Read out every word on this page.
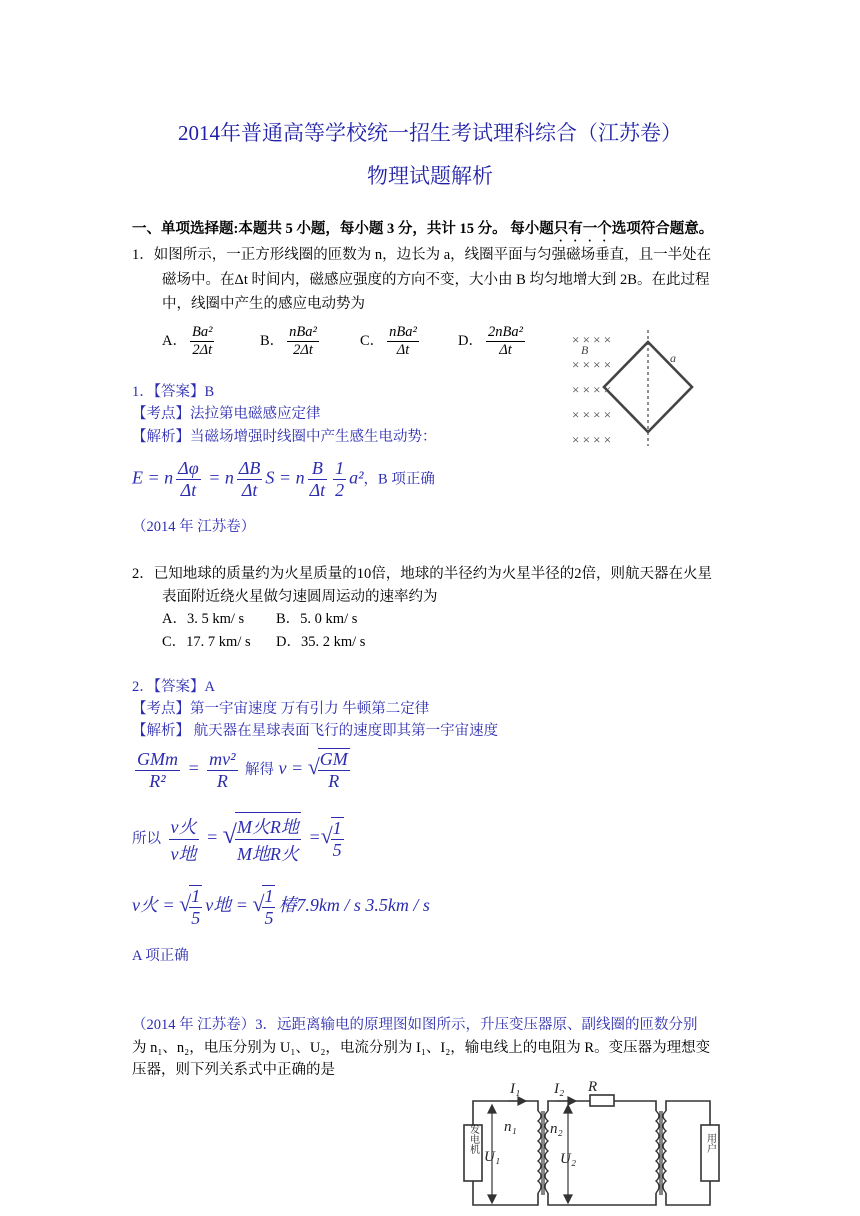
2014年普通高等学校统一招生考试理科综合（江苏卷）
物理试题解析
一、单项选择题:本题共 5 小题，每小题 3 分，共计 15 分。 每小题只有一个选项符合题意。
1．如图所示，一正方形线圈的匝数为 n，边长为 a，线圈平面与匀强磁场垂直，且一半处在
磁场中。在Δt 时间内，磁感应强度的方向不变，大小由 B 均匀地增大到 2B。在此过程
中，线圈中产生的感应电动势为
A． $\frac{\text{Ba²}}{2\Delta t}$	B． $\frac{\text{nBa²}}{2\Delta t}$	C． $\frac{\text{nBa²}}{\Delta t}$	D． $\frac{\text{2nBa²}}{\Delta t}$	× × × ×
× × × ×
× × × ×
× × × ×
× × × ×
B
a
1．【答案】B
【考点】法拉第电磁感应定律
【解析】当磁场增强时线圈中产生感生电动势：
E = n $\frac{\Delta\varphi}{\Delta t} = n \frac{\Delta B}{\Delta t}$ S = n $\frac{B}{\Delta t} \frac{1}{2} a^2$，B 项正确
（2014 年 江苏卷）
2．已知地球的质量约为火星质量的10倍，地球的半径约为火星半径的2倍，则航天器在火星
表面附近绕火星做匀速圆周运动的速率约为
A．3. 5 km/ s B．5. 0 km/ s
C．17. 7 km/ s D．35. 2 km/ s
2．【答案】A
【考点】第一宇宙速度 万有引力 牛顿第二定律
【解析】 航天器在星球表面飞行的速度即其第一宇宙速度
$\frac{\text{GMm}}{\text{R²}} = \frac{\text{mv²}}{R}$ 解得 v = √
$\frac{GM}{R}$
所以 $\frac{\text{v火}}{\text{v地}}$ = √
$\frac{\text{M火R地}}{\text{M地R火}}$ =√
$\frac{1}{5}$
v火 = √
$\frac{1}{5}$ v地 = √
$\frac{1}{5}$ 椿7.9km / s 3.5km / s
A 项正确
（2014 年 江苏卷）3．远距离输电的原理图如图所示，升压变压器原、副线圈的匝数分别
为 n₁、n₂，电压分别为 U₁、U₂，电流分别为 I₁、I₂，输电线上的电阻为 R。变压器为理想变
压器，则下列关系式中正确的是
I₁ I₂ R
n₁ n₂
U₁	U₂
发电机	用户
